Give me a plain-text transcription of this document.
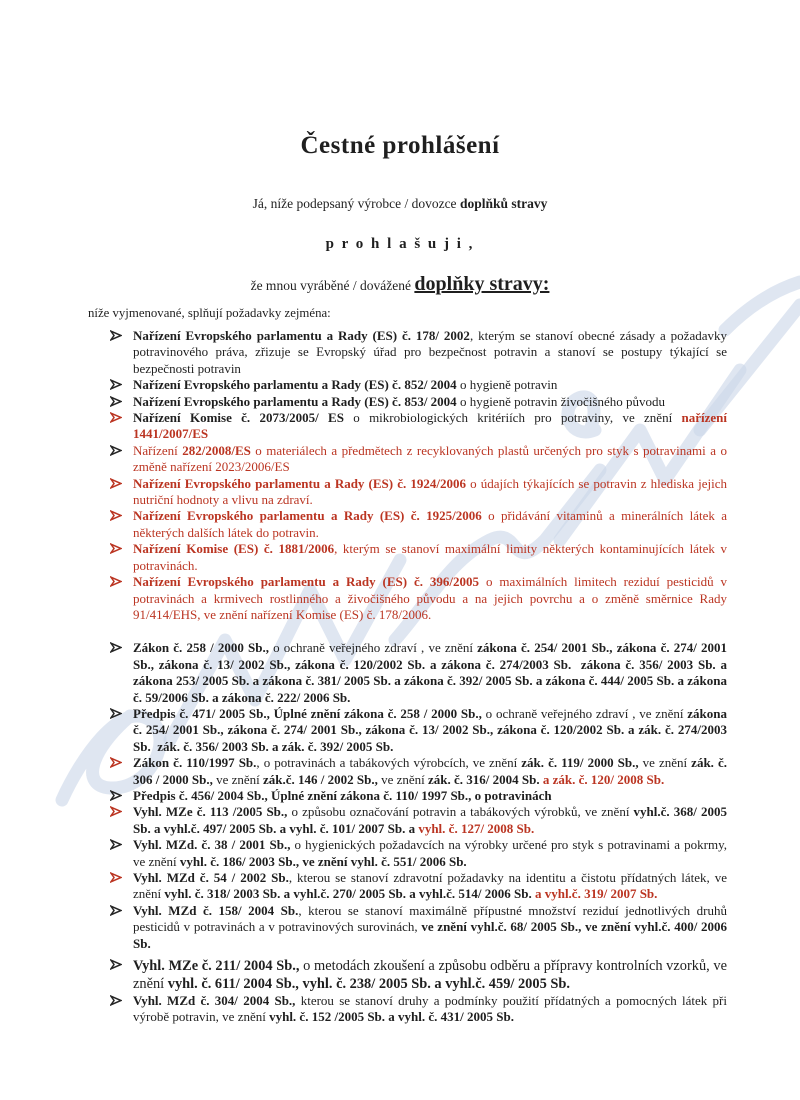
Čestné prohlášení
Já, níže podepsaný výrobce / dovozce doplňků stravy
p r o h l a š u j i ,
že mnou vyráběné / dovážené doplňky stravy:
níže vyjmenované, splňují požadavky zejména:
Nařízení Evropského parlamentu a Rady (ES) č. 178/ 2002, kterým se stanoví obecné zásady a požadavky potravinového práva, zřizuje se Evropský úřad pro bezpečnost potravin a stanoví se postupy týkající se bezpečnosti potravin
Nařízení Evropského parlamentu a Rady (ES) č. 852/ 2004 o hygieně potravin
Nařízení Evropského parlamentu a Rady (ES) č. 853/ 2004 o hygieně potravin živočišného původu
Nařízení Komise č. 2073/2005/ ES o mikrobiologických kritériích pro potraviny, ve znění nařízení 1441/2007/ES
Nařízení 282/2008/ES o materiálech a předmětech z recyklovaných plastů určených pro styk s potravinami a o změně nařízení 2023/2006/ES
Nařízení Evropského parlamentu a Rady (ES) č. 1924/2006 o údajích týkajících se potravin z hlediska jejich nutriční hodnoty a vlivu na zdraví.
Nařízení Evropského parlamentu a Rady (ES) č. 1925/2006 o přidávání vitaminů a minerálních látek a některých dalších látek do potravin.
Nařízení Komise (ES) č. 1881/2006, kterým se stanoví maximální limity některých kontaminujících látek v potravinách.
Nařízení Evropského parlamentu a Rady (ES) č. 396/2005 o maximálních limitech reziduí pesticidů v potravinách a krmivech rostlinného a živočišného původu a na jejich povrchu a o změně směrnice Rady 91/414/EHS, ve znění nařízení Komise (ES) č. 178/2006.
Zákon č. 258 / 2000 Sb., o ochraně veřejného zdraví , ve znění zákona č. 254/ 2001 Sb., zákona č. 274/ 2001 Sb., zákona č. 13/ 2002 Sb., zákona č. 120/2002 Sb. a zákona č. 274/2003 Sb.  zákona č. 356/ 2003 Sb. a zákona 253/ 2005 Sb. a zákona č. 381/ 2005 Sb. a zákona č. 392/ 2005 Sb. a zákona č. 444/ 2005 Sb. a zákona č. 59/2006 Sb. a zákona č. 222/ 2006 Sb.
Předpis č. 471/ 2005 Sb., Úplné znění zákona č. 258 / 2000 Sb., o ochraně veřejného zdraví , ve znění zákona č. 254/ 2001 Sb., zákona č. 274/ 2001 Sb., zákona č. 13/ 2002 Sb., zákona č. 120/2002 Sb. a zák. č. 274/2003 Sb.  zák. č. 356/ 2003 Sb. a zák. č. 392/ 2005 Sb.
Zákon č. 110/1997 Sb., o potravinách a tabákových výrobcích, ve znění zák. č. 119/ 2000 Sb., ve znění zák. č. 306 / 2000 Sb., ve znění zák.č. 146 / 2002 Sb., ve znění zák. č. 316/ 2004 Sb. a zák. č. 120/ 2008 Sb.
Předpis č. 456/ 2004 Sb., Úplné znění zákona č. 110/ 1997 Sb., o potravinách
Vyhl. MZe č. 113 /2005 Sb., o způsobu označování potravin a tabákových výrobků, ve znění vyhl.č. 368/ 2005 Sb. a vyhl.č. 497/ 2005 Sb. a vyhl. č. 101/ 2007 Sb. a vyhl. č. 127/ 2008 Sb.
Vyhl. MZd. č. 38 / 2001 Sb., o hygienických požadavcích na výrobky určené pro styk s potravinami a pokrmy, ve znění vyhl. č. 186/ 2003 Sb., ve znění vyhl. č. 551/ 2006 Sb.
Vyhl. MZd č. 54 / 2002 Sb., kterou se stanoví zdravotní požadavky na identitu a čistotu přídatných látek, ve znění vyhl. č. 318/ 2003 Sb. a vyhl.č. 270/ 2005 Sb. a vyhl.č. 514/ 2006 Sb. a vyhl.č. 319/ 2007 Sb.
Vyhl. MZd č. 158/ 2004 Sb., kterou se stanoví maximálně přípustné množství reziduí jednotlivých druhů pesticidů v potravinách a v potravinových surovinách, ve znění vyhl.č. 68/ 2005 Sb., ve znění vyhl.č. 400/ 2006 Sb.
Vyhl. MZe č. 211/ 2004 Sb., o metodách zkoušení a způsobu odběru a přípravy kontrolních vzorků, ve znění vyhl. č. 611/ 2004 Sb., vyhl. č. 238/ 2005 Sb. a vyhl.č. 459/ 2005 Sb.
Vyhl. MZd č. 304/ 2004 Sb., kterou se stanoví druhy a podmínky použití přídatných a pomocných látek při výrobě potravin, ve znění vyhl. č. 152 /2005 Sb. a vyhl. č. 431/ 2005 Sb.
